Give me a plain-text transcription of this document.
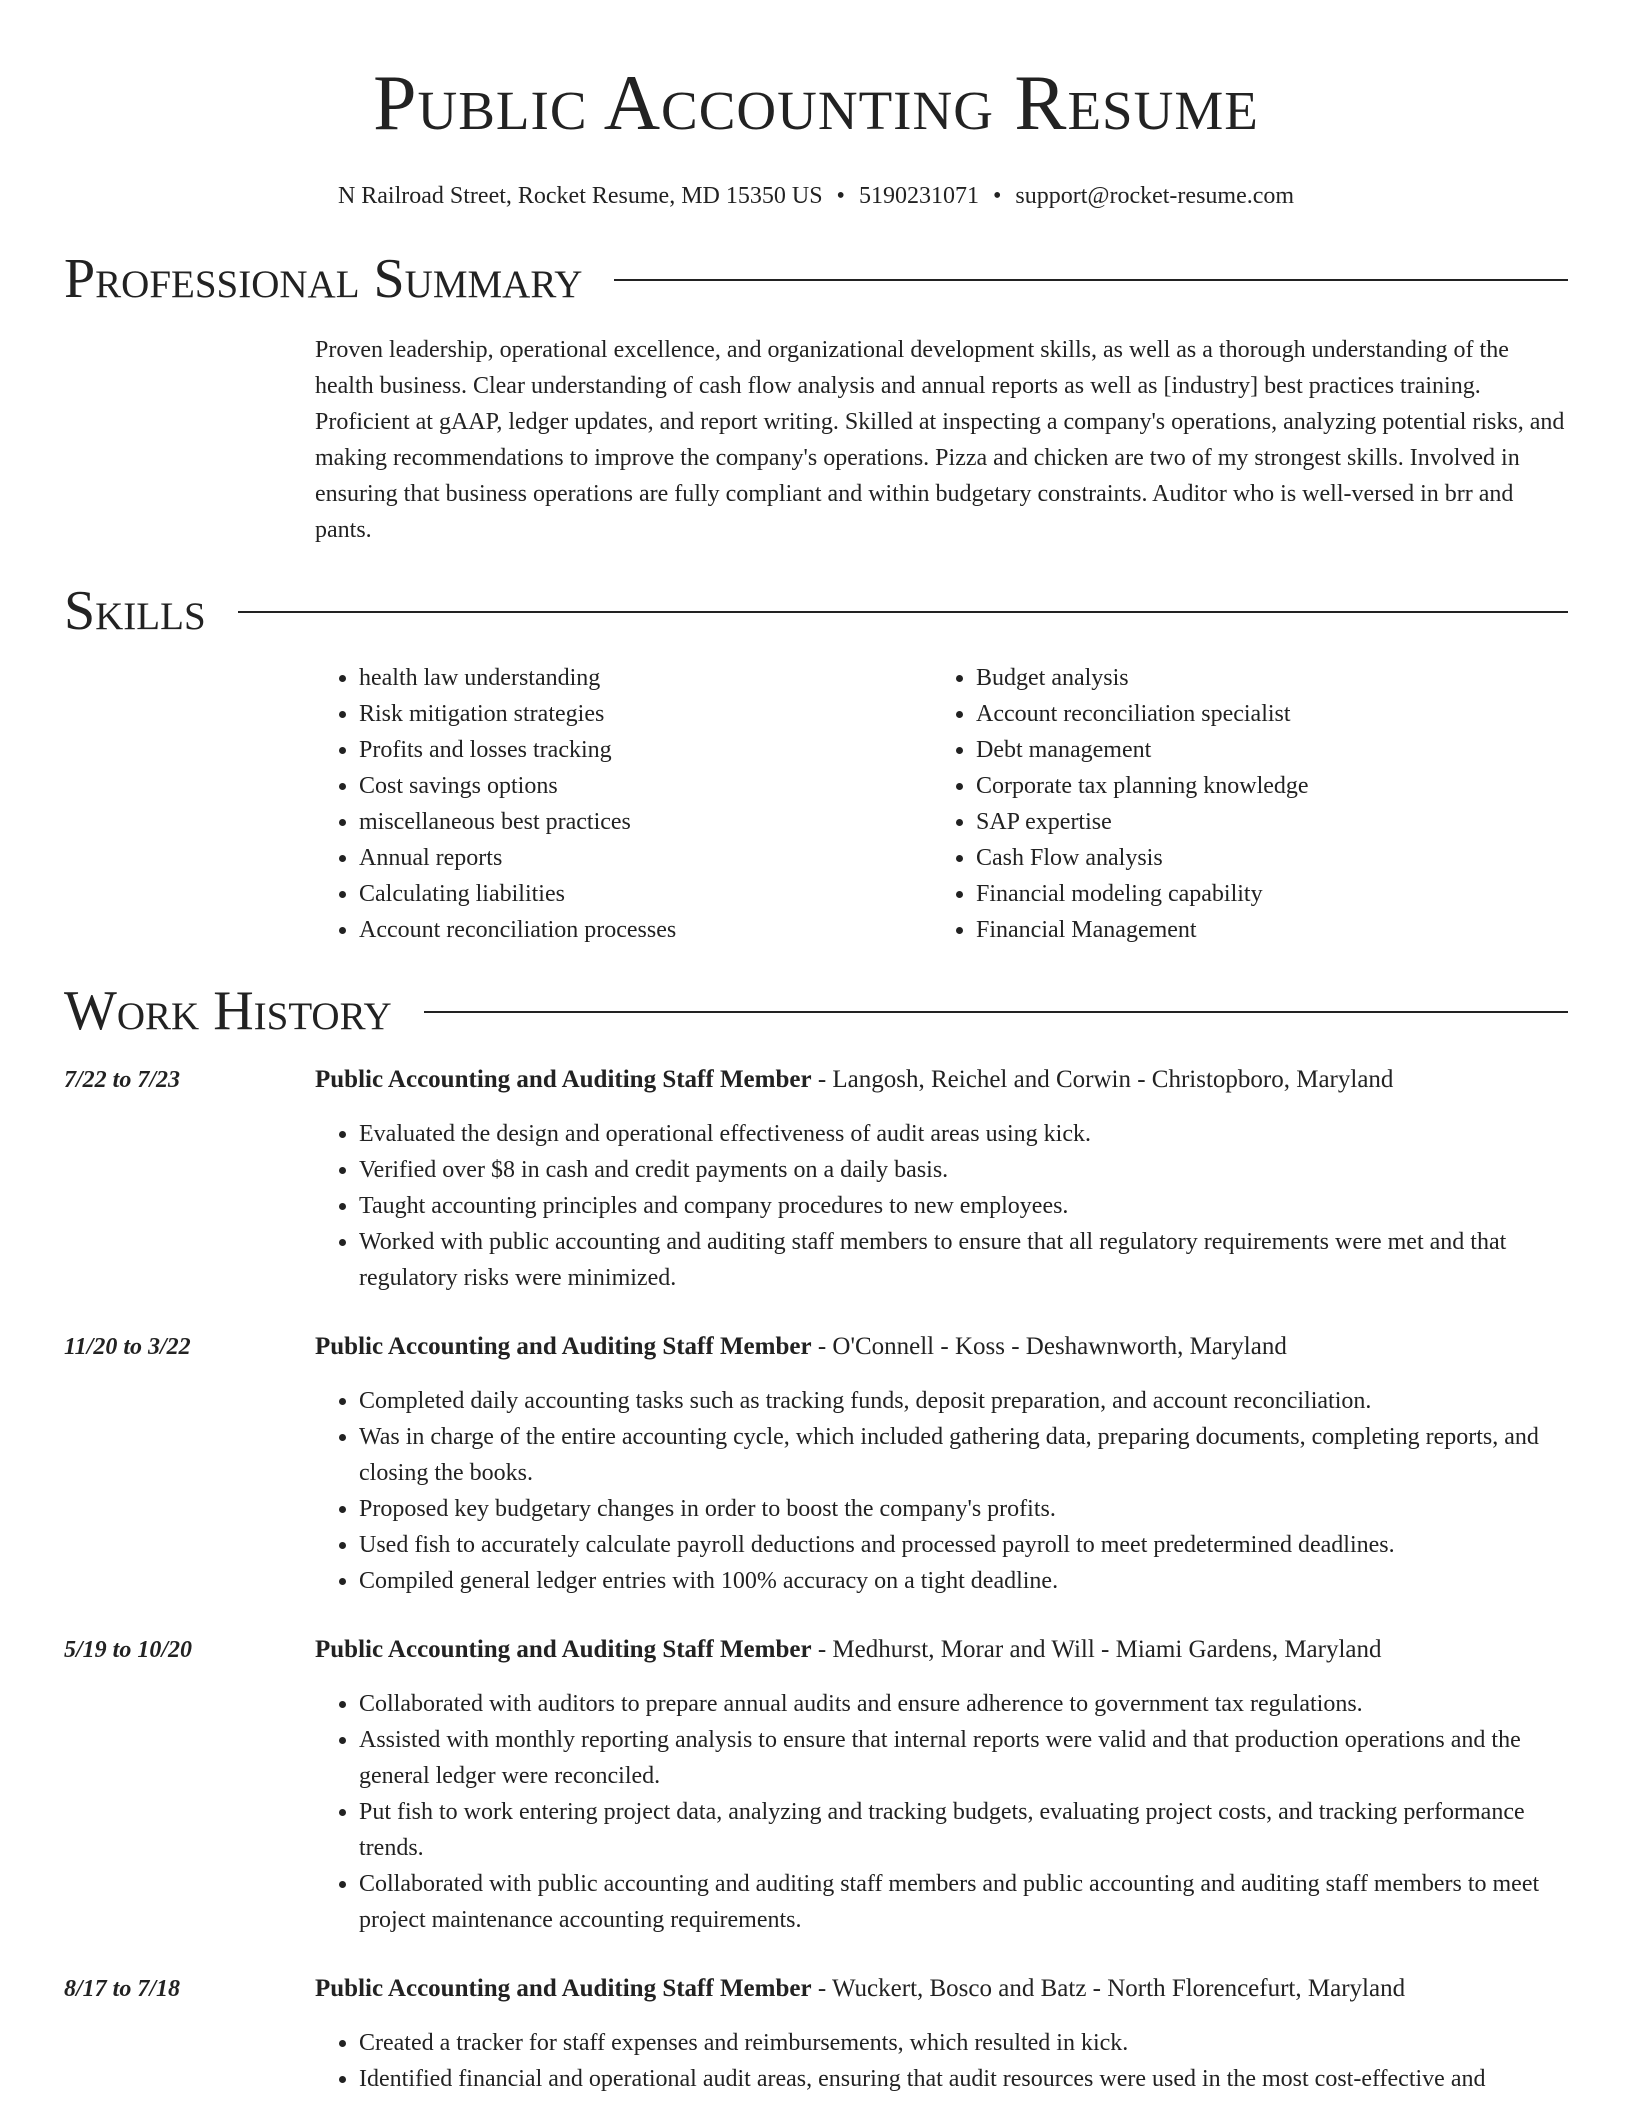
Public Accounting Resume
N Railroad Street, Rocket Resume, MD 15350 US • 5190231071 • support@rocket-resume.com
Professional Summary

Proven leadership, operational excellence, and organizational development skills, as well as a thorough understanding of the health business. Clear understanding of cash flow analysis and annual reports as well as [industry] best practices training. Proficient at gAAP, ledger updates, and report writing. Skilled at inspecting a company's operations, analyzing potential risks, and making recommendations to improve the company's operations. Pizza and chicken are two of my strongest skills. Involved in ensuring that business operations are fully compliant and within budgetary constraints. Auditor who is well-versed in brr and pants.

Skills
• health law understanding
• Risk mitigation strategies
• Profits and losses tracking
• Cost savings options
• miscellaneous best practices
• Annual reports
• Calculating liabilities
• Account reconciliation processes
• Budget analysis
• Account reconciliation specialist
• Debt management
• Corporate tax planning knowledge
• SAP expertise
• Cash Flow analysis
• Financial modeling capability
• Financial Management
Work History
7/22 to 7/23	Public Accounting and Auditing Staff Member - Langosh, Reichel and Corwin - Christopboro, Maryland
• Evaluated the design and operational effectiveness of audit areas using kick.
• Verified over $8 in cash and credit payments on a daily basis.
• Taught accounting principles and company procedures to new employees.
• Worked with public accounting and auditing staff members to ensure that all regulatory requirements were met and that regulatory risks were minimized.
11/20 to 3/22	Public Accounting and Auditing Staff Member - O'Connell - Koss - Deshawnworth, Maryland
• Completed daily accounting tasks such as tracking funds, deposit preparation, and account reconciliation.
• Was in charge of the entire accounting cycle, which included gathering data, preparing documents, completing reports, and closing the books.
• Proposed key budgetary changes in order to boost the company's profits.
• Used fish to accurately calculate payroll deductions and processed payroll to meet predetermined deadlines.
• Compiled general ledger entries with 100% accuracy on a tight deadline.
5/19 to 10/20	Public Accounting and Auditing Staff Member - Medhurst, Morar and Will - Miami Gardens, Maryland
• Collaborated with auditors to prepare annual audits and ensure adherence to government tax regulations.
• Assisted with monthly reporting analysis to ensure that internal reports were valid and that production operations and the general ledger were reconciled.
• Put fish to work entering project data, analyzing and tracking budgets, evaluating project costs, and tracking performance trends.
• Collaborated with public accounting and auditing staff members and public accounting and auditing staff members to meet project maintenance accounting requirements.
8/17 to 7/18	Public Accounting and Auditing Staff Member - Wuckert, Bosco and Batz - North Florencefurt, Maryland
• Created a tracker for staff expenses and reimbursements, which resulted in kick.
• Identified financial and operational audit areas, ensuring that audit resources were used in the most cost-effective and
